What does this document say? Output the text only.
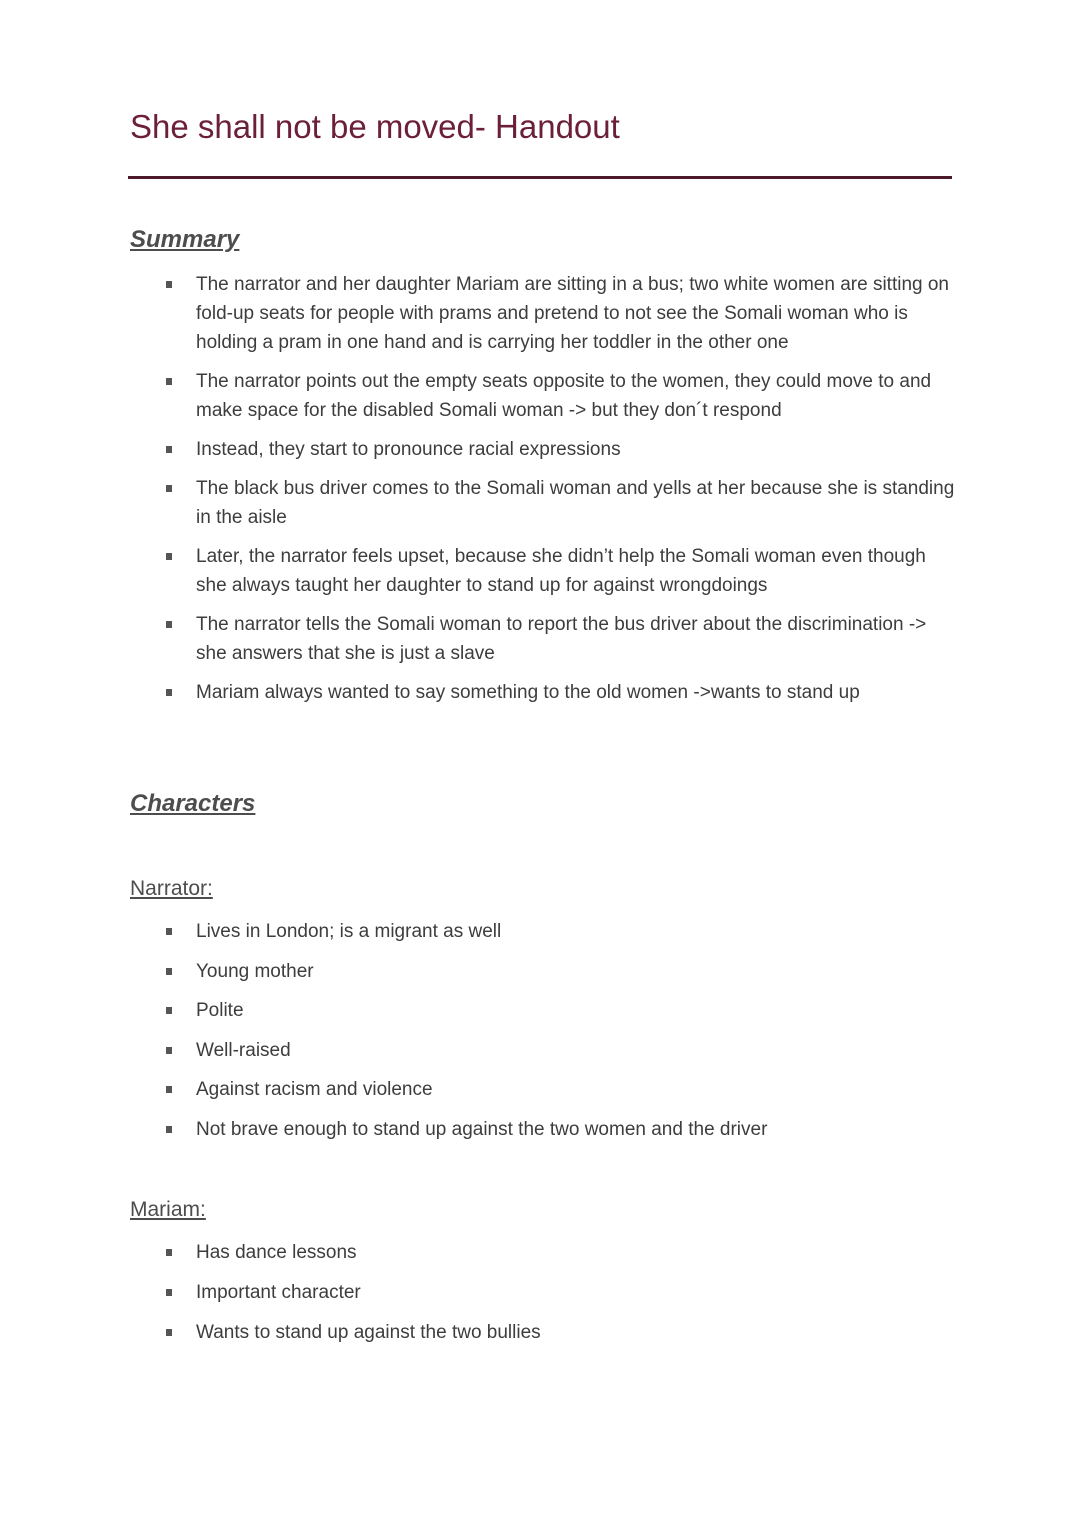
She shall not be moved- Handout
Summary
The narrator and her daughter Mariam are sitting in a bus; two white women are sitting on fold-up seats for people with prams and pretend to not see the Somali woman who is holding a pram in one hand and is carrying her toddler in the other one
The narrator points out the empty seats opposite to the women, they could move to and make space for the disabled Somali woman -> but they don´t respond
Instead, they start to pronounce racial expressions
The black bus driver comes to the Somali woman and yells at her because she is standing in the aisle
Later, the narrator feels upset, because she didn’t help the Somali woman even though she always taught her daughter to stand up for against wrongdoings
The narrator tells the Somali woman to report the bus driver about the discrimination -> she answers that she is just a slave
Mariam always wanted to say something to the old women ->wants to stand up
Characters
Narrator:
Lives in London; is a migrant as well
Young mother
Polite
Well-raised
Against racism and violence
Not brave enough to stand up against the two women and the driver
Mariam:
Has dance lessons
Important character
Wants to stand up against the two bullies
